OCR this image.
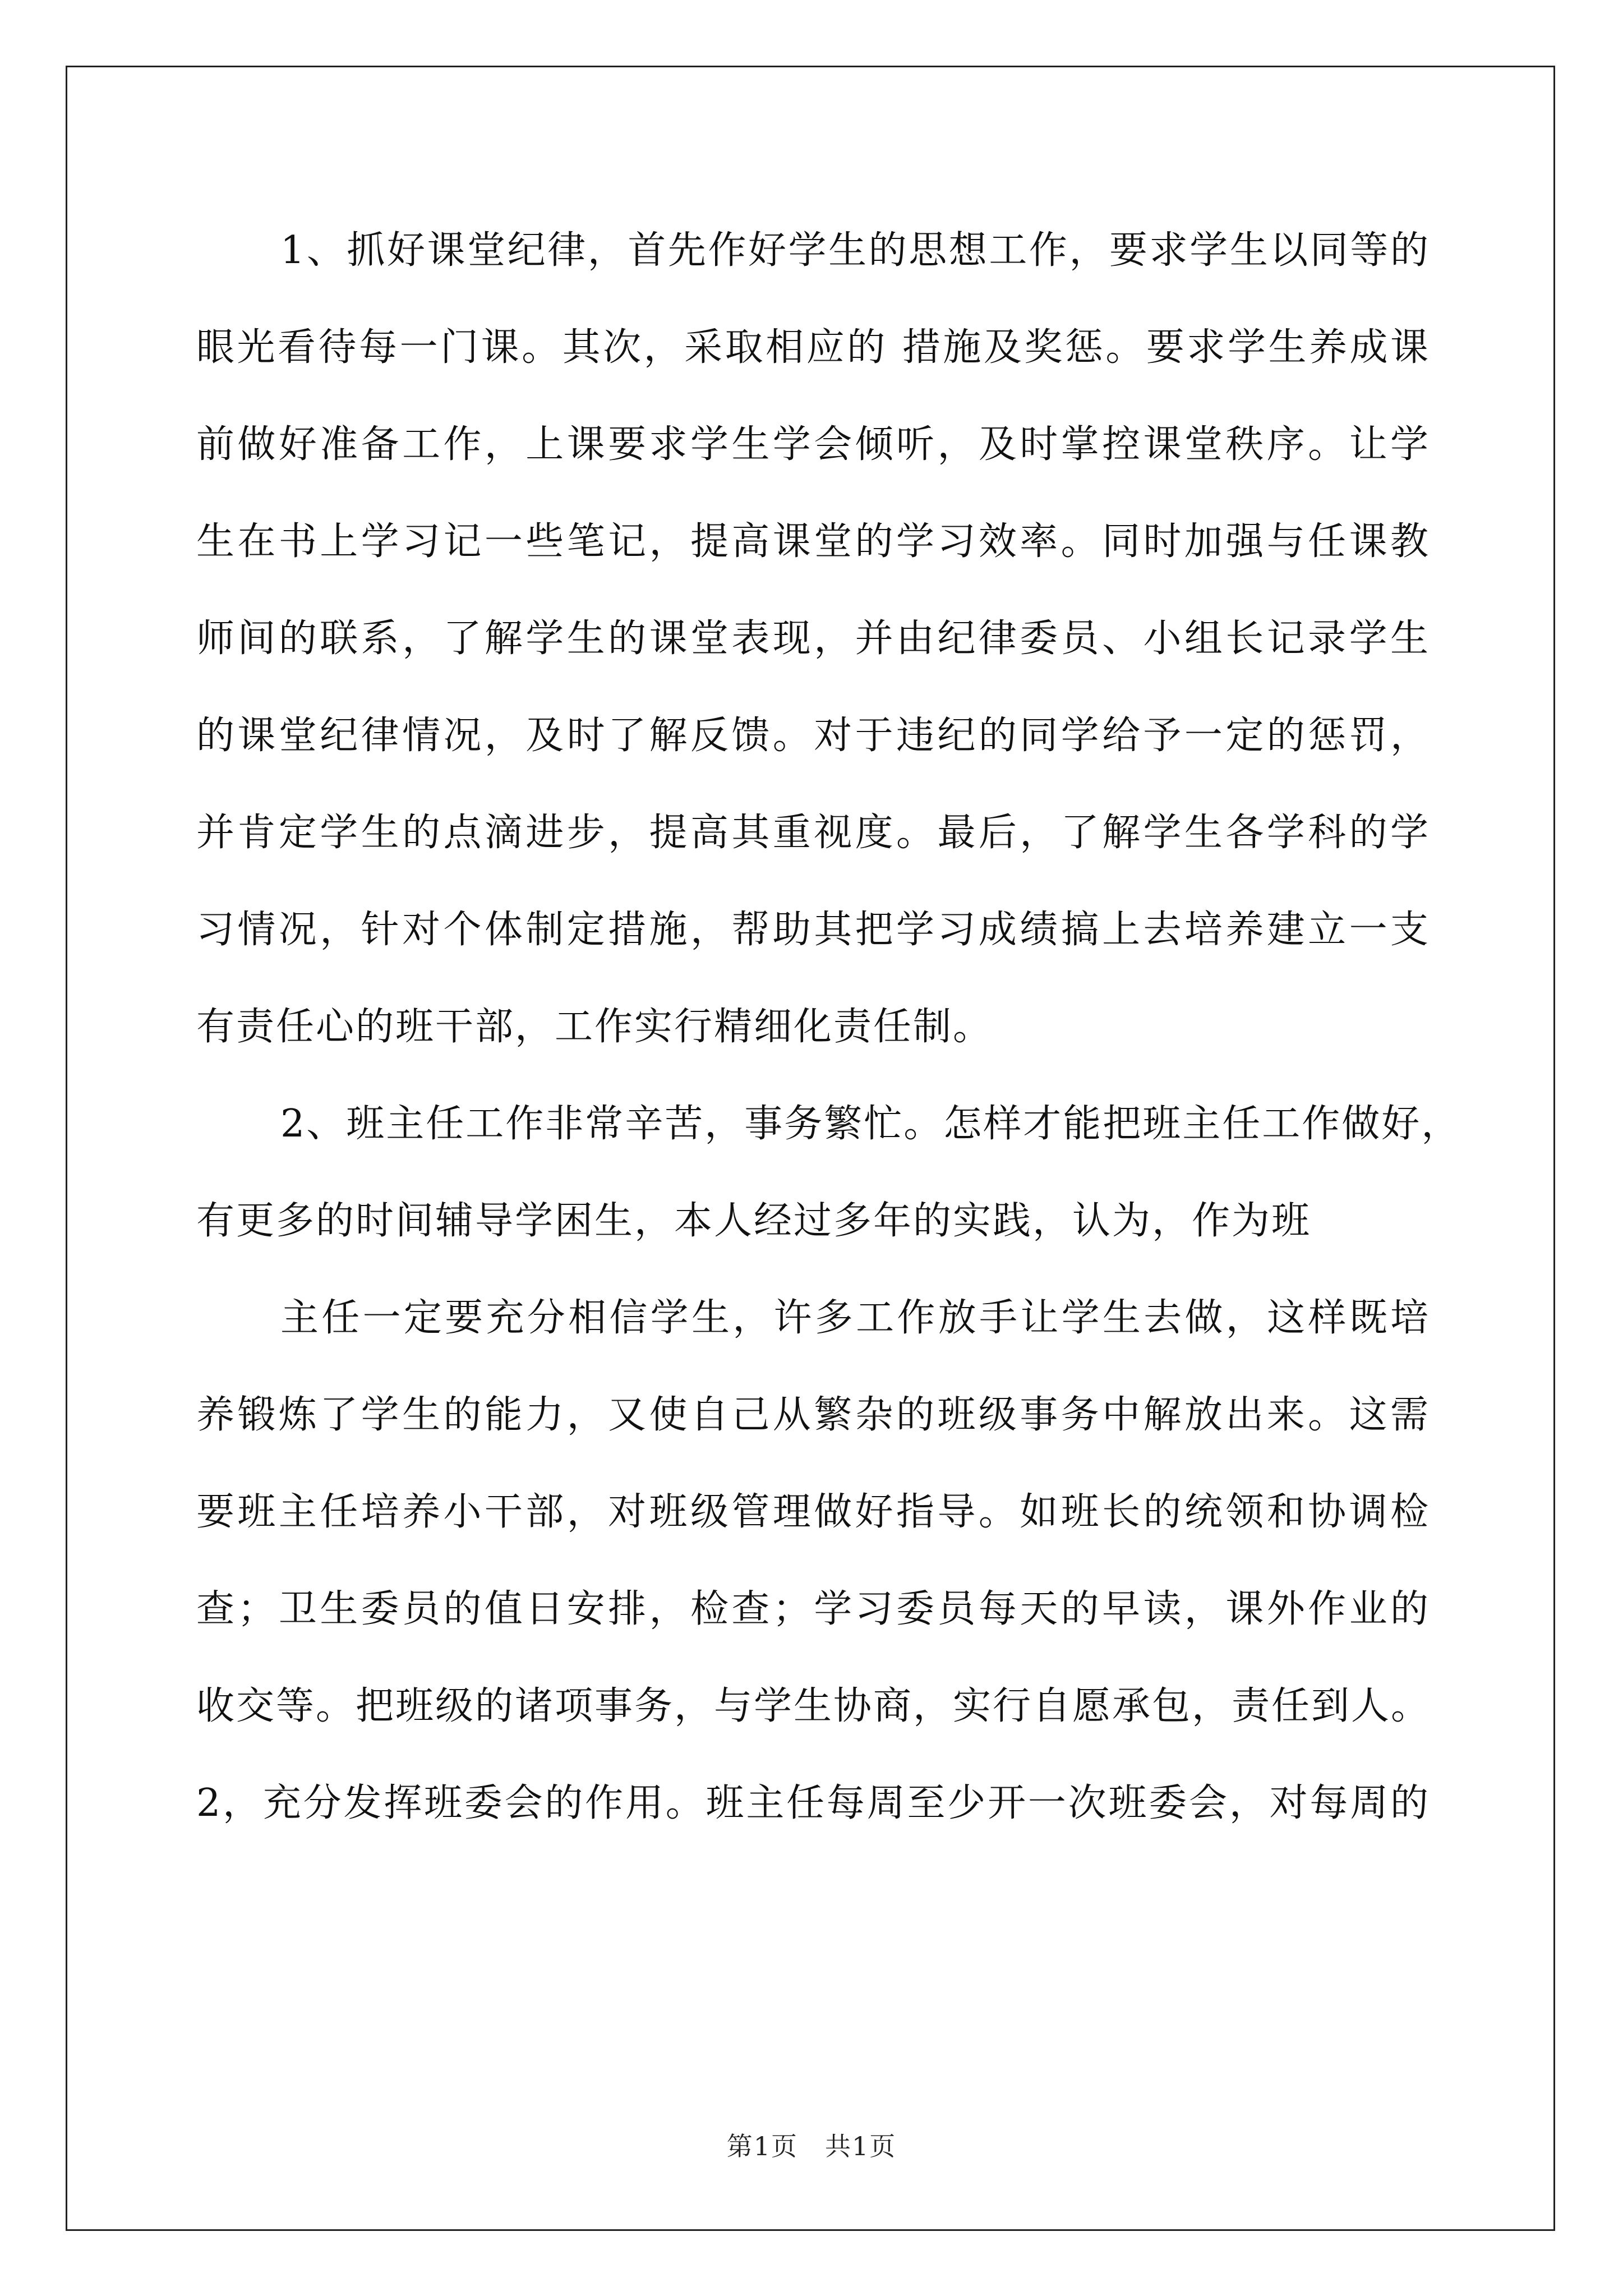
1、抓好课堂纪律，首先作好学生的思想工作，要求学生以同等的
眼光看待每一门课。其次，采取相应的 措施及奖惩。要求学生养成课
前做好准备工作，上课要求学生学会倾听，及时掌控课堂秩序。让学
生在书上学习记一些笔记，提高课堂的学习效率。同时加强与任课教
师间的联系，了解学生的课堂表现，并由纪律委员、小组长记录学生
的课堂纪律情况，及时了解反馈。对于违纪的同学给予一定的惩罚，
并肯定学生的点滴进步，提高其重视度。最后，了解学生各学科的学
习情况，针对个体制定措施，帮助其把学习成绩搞上去培养建立一支
有责任心的班干部，工作实行精细化责任制。
2、班主任工作非常辛苦，事务繁忙。怎样才能把班主任工作做好，
有更多的时间辅导学困生，本人经过多年的实践，认为，作为班
主任一定要充分相信学生，许多工作放手让学生去做，这样既培
养锻炼了学生的能力，又使自己从繁杂的班级事务中解放出来。这需
要班主任培养小干部，对班级管理做好指导。如班长的统领和协调检
查；卫生委员的值日安排，检查；学习委员每天的早读，课外作业的
收交等。把班级的诸项事务，与学生协商，实行自愿承包，责任到人。
2，充分发挥班委会的作用。班主任每周至少开一次班委会，对每周的
第1页　共1页
